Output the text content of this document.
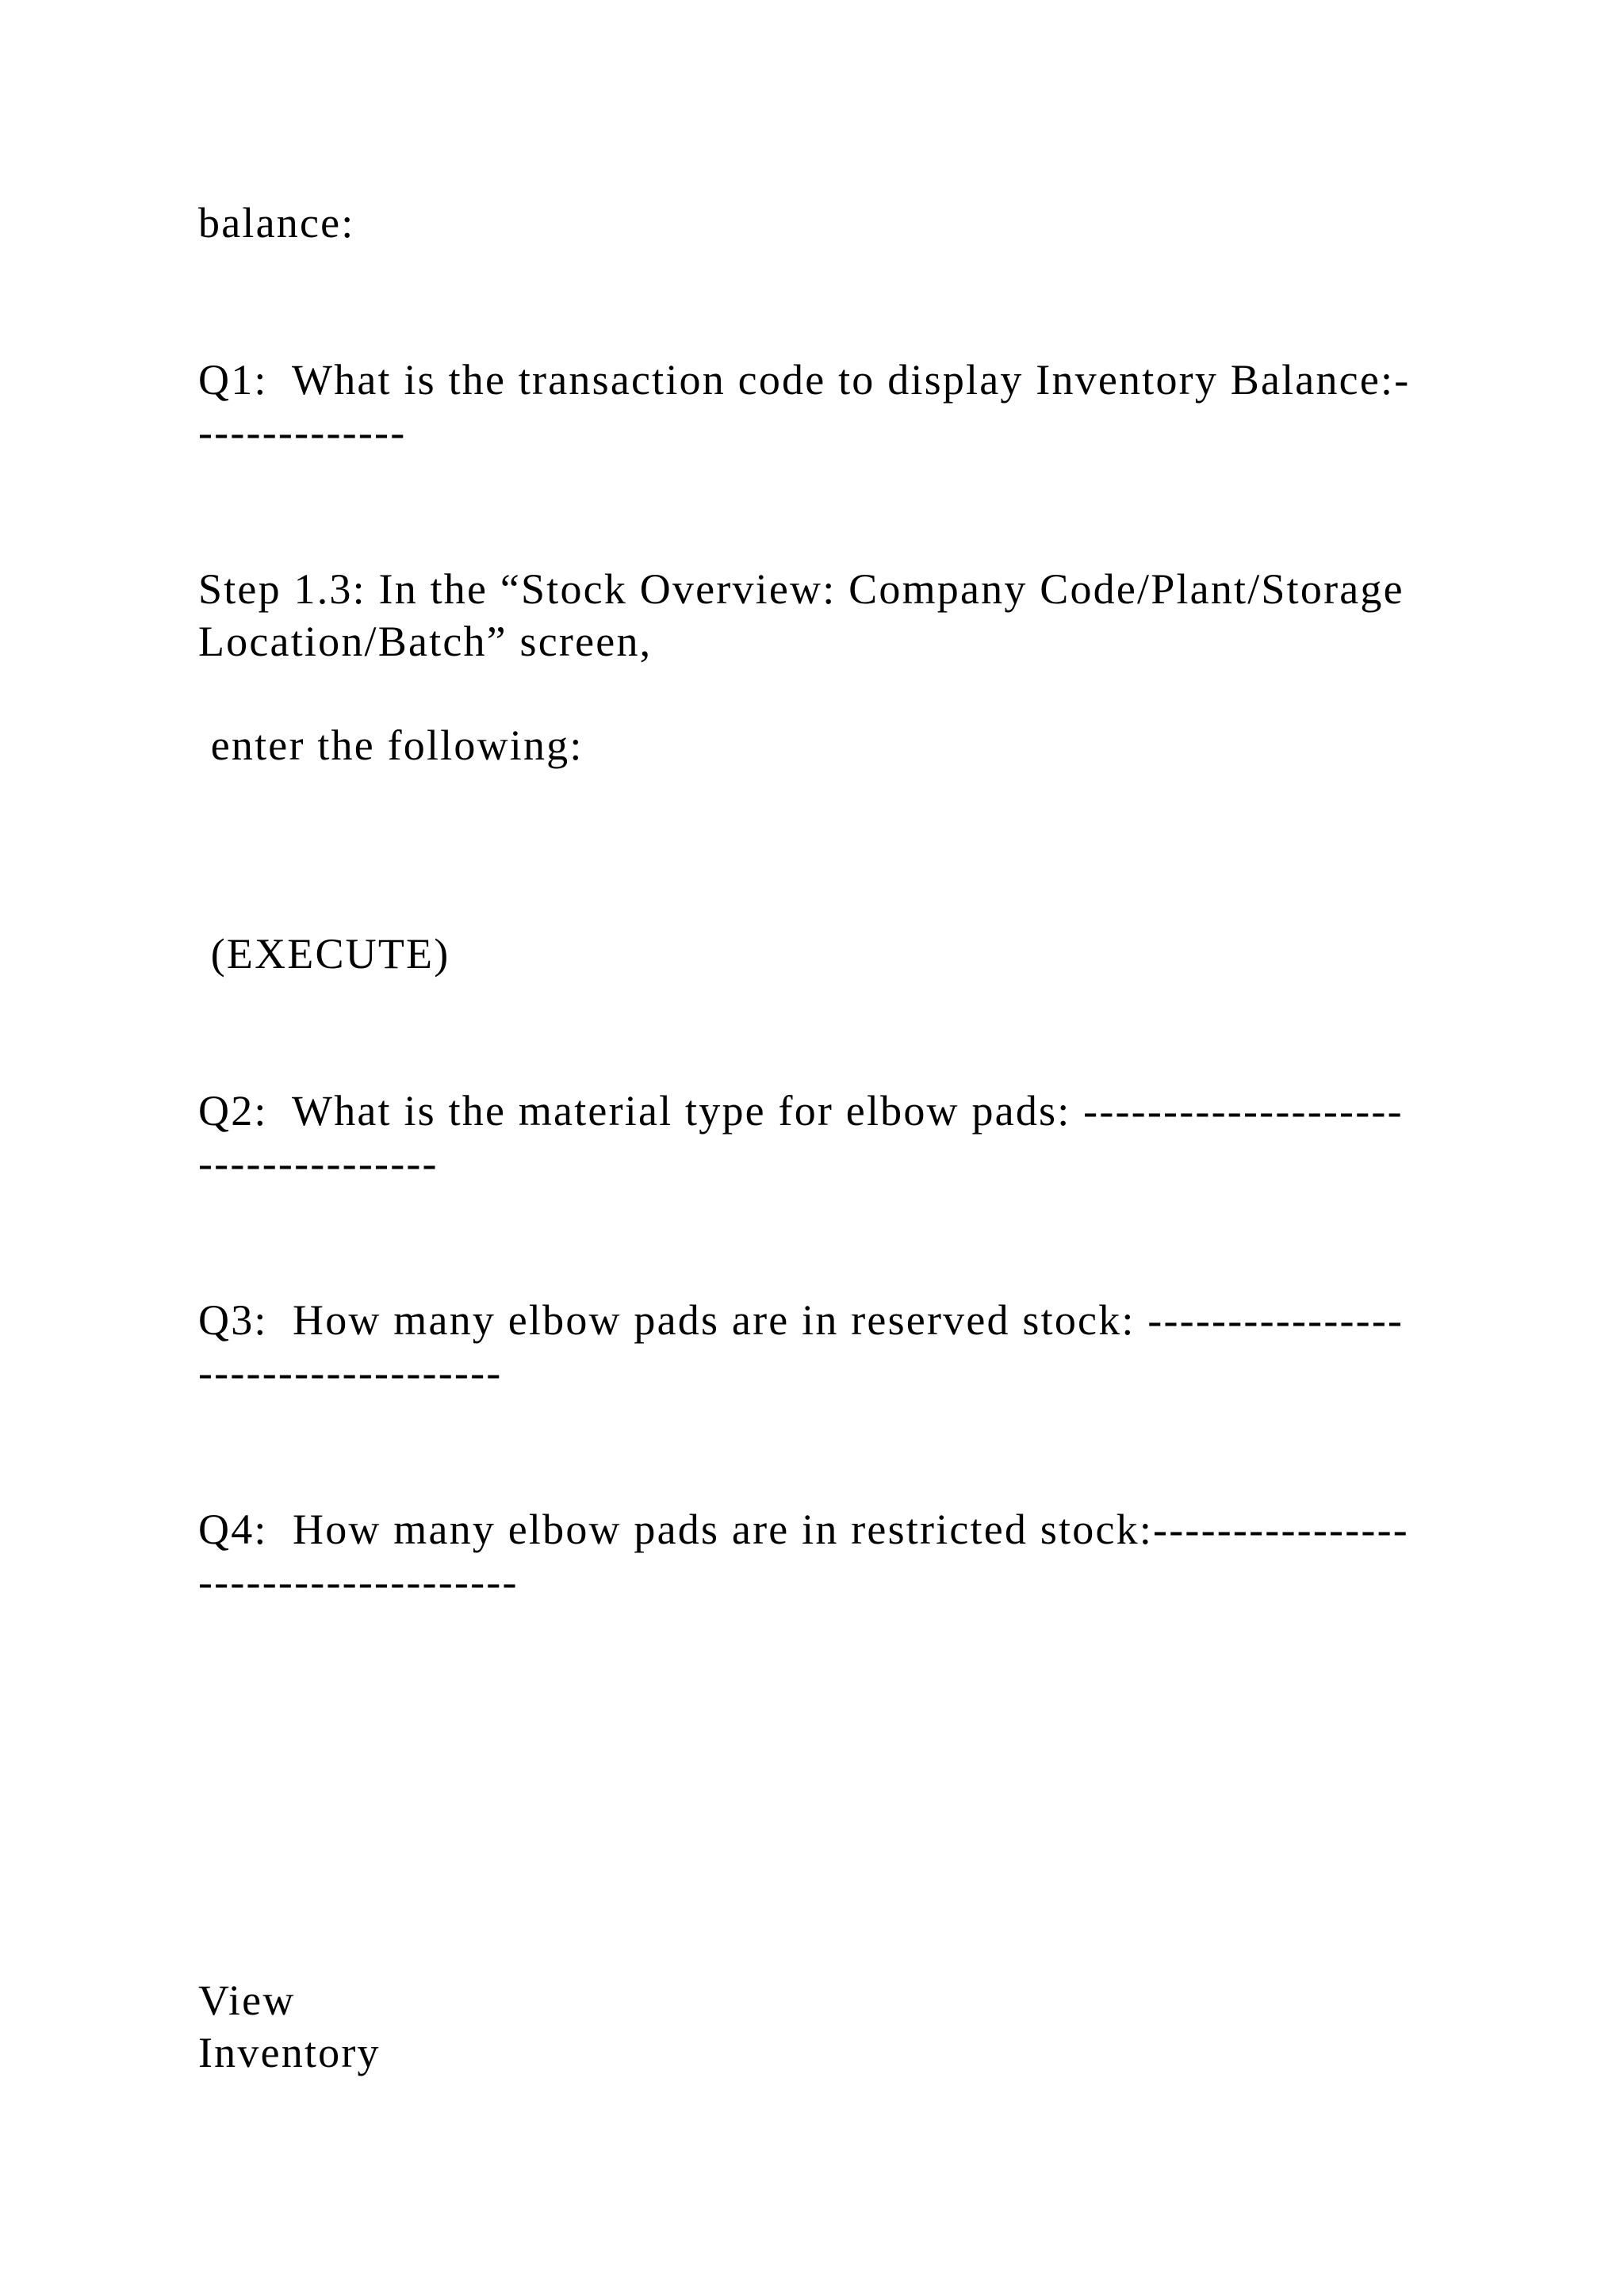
balance:
Q1:  What is the transaction code to display Inventory Balance:-
-------------
Step 1.3: In the “Stock Overview: Company Code/Plant/Storage
Location/Batch” screen,
enter the following:
(EXECUTE)
Q2:  What is the material type for elbow pads: --------------------
---------------
Q3:  How many elbow pads are in reserved stock: ----------------
-------------------
Q4:  How many elbow pads are in restricted stock:----------------
--------------------
View
Inventory
